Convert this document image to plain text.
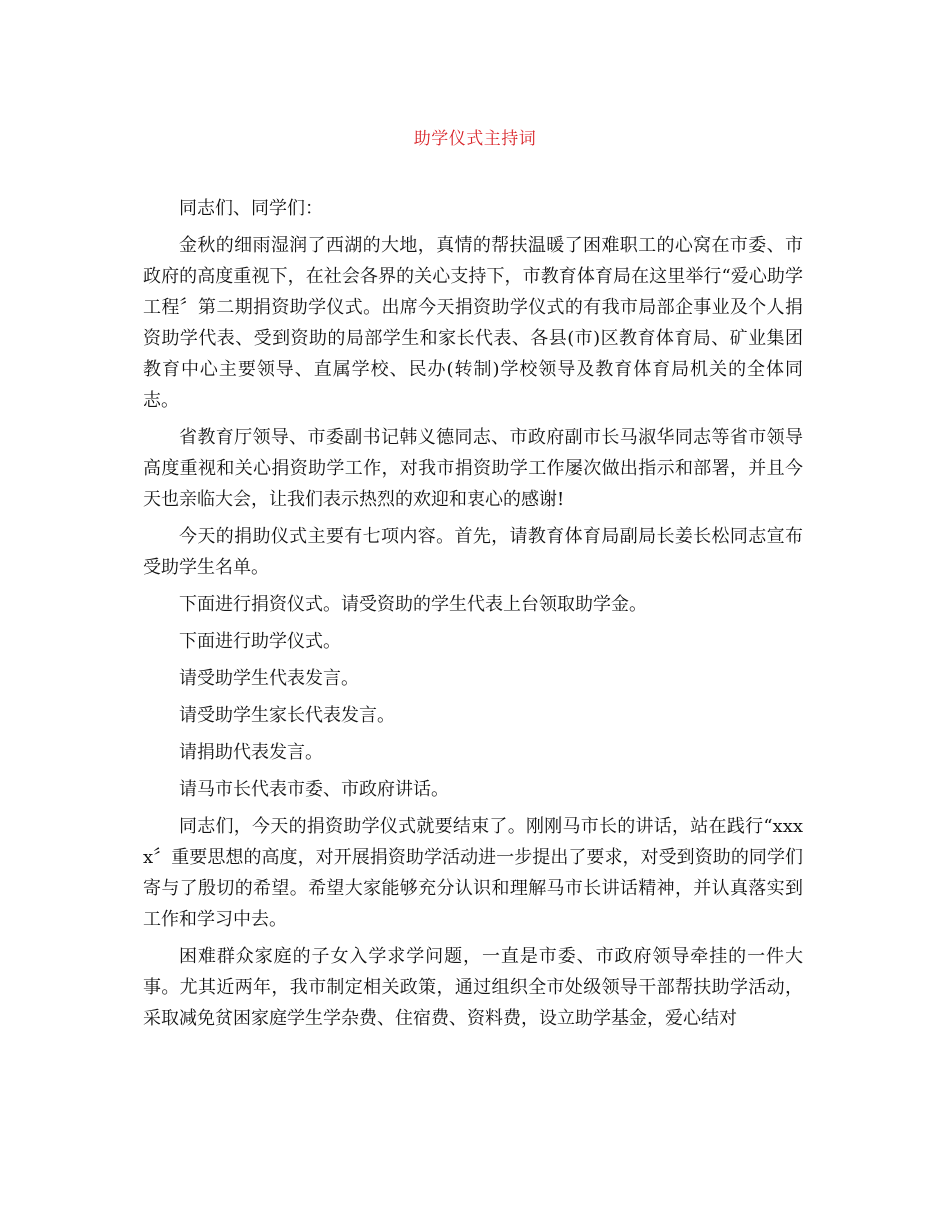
助学仪式主持词

同志们、同学们：

金秋的细雨湿润了西湖的大地，真情的帮扶温暖了困难职工的心窝在市委、市政府的高度重视下，在社会各界的关心支持下，市教育体育局在这里举行“爱心助学工程〞第二期捐资助学仪式。出席今天捐资助学仪式的有我市局部企事业及个人捐资助学代表、受到资助的局部学生和家长代表、各县(市)区教育体育局、矿业集团教育中心主要领导、直属学校、民办(转制)学校领导及教育体育局机关的全体同志。

省教育厅领导、市委副书记韩义德同志、市政府副市长马淑华同志等省市领导高度重视和关心捐资助学工作，对我市捐资助学工作屡次做出指示和部署，并且今天也亲临大会，让我们表示热烈的欢迎和衷心的感谢!

今天的捐助仪式主要有七项内容。首先，请教育体育局副局长姜长松同志宣布受助学生名单。

下面进行捐资仪式。请受资助的学生代表上台领取助学金。

下面进行助学仪式。

请受助学生代表发言。

请受助学生家长代表发言。

请捐助代表发言。

请马市长代表市委、市政府讲话。

同志们，今天的捐资助学仪式就要结束了。刚刚马市长的讲话，站在践行“xxxx〞重要思想的高度，对开展捐资助学活动进一步提出了要求，对受到资助的同学们寄与了殷切的希望。希望大家能够充分认识和理解马市长讲话精神，并认真落实到工作和学习中去。

困难群众家庭的子女入学求学问题，一直是市委、市政府领导牵挂的一件大事。尤其近两年，我市制定相关政策，通过组织全市处级领导干部帮扶助学活动，采取减免贫困家庭学生学杂费、住宿费、资料费，设立助学基金，爱心结对
